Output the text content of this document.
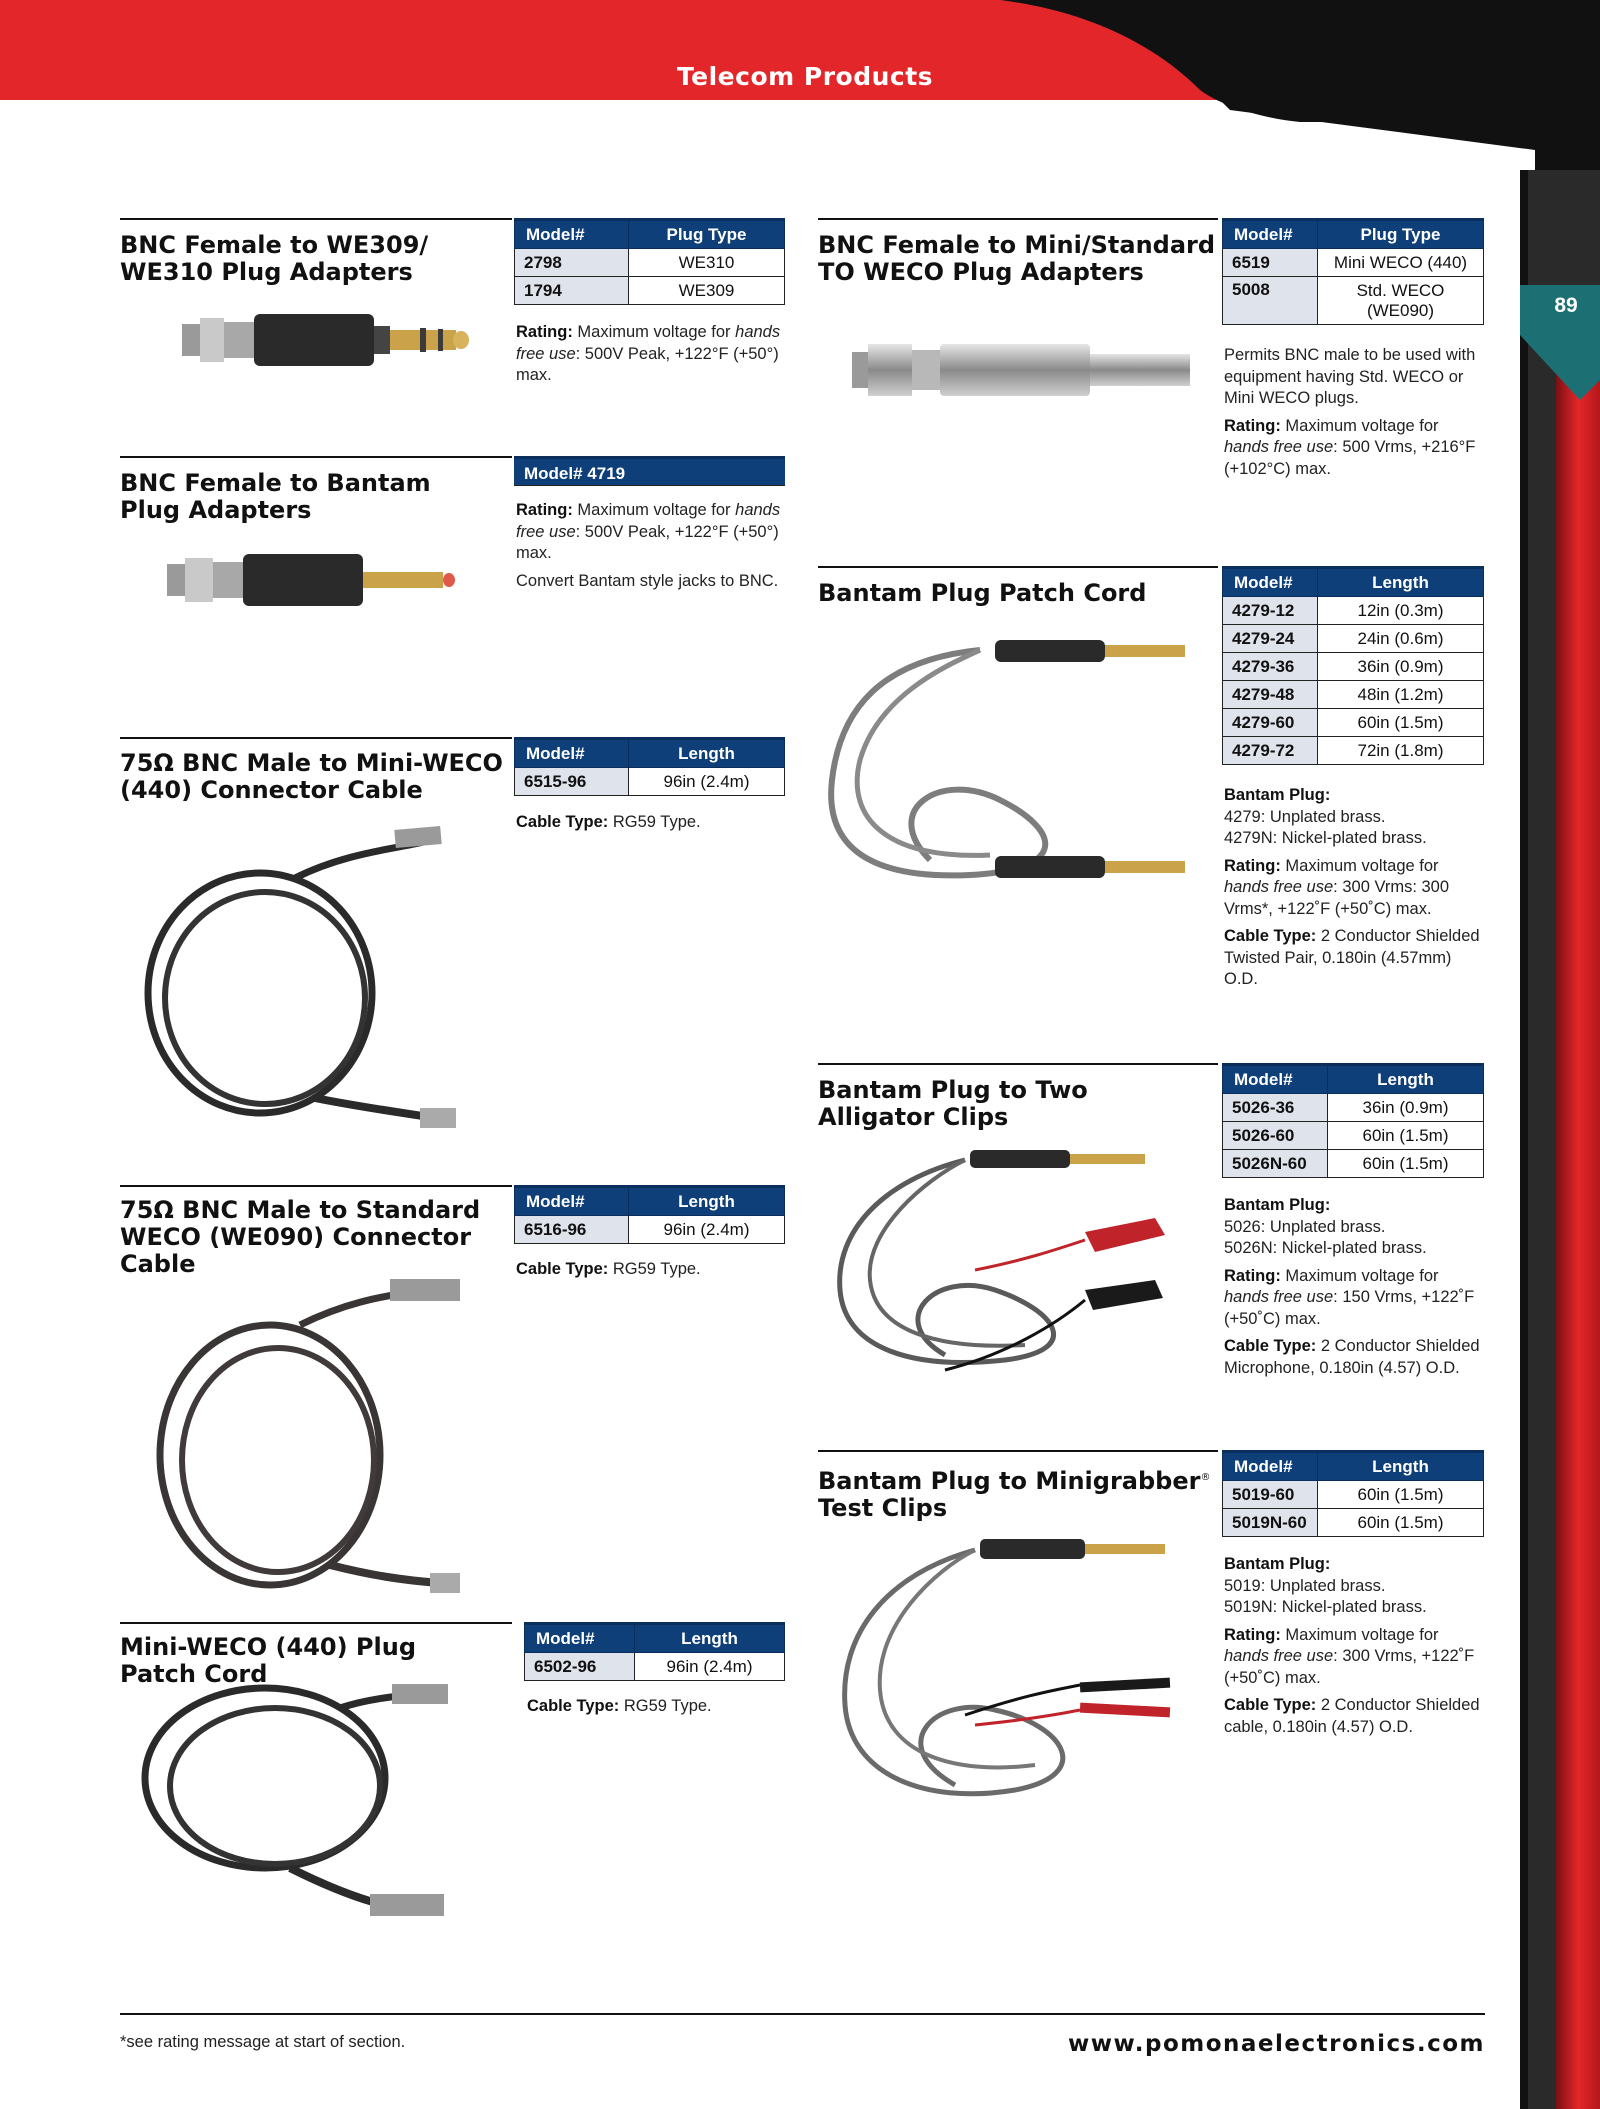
Telecom Products
89
BNC Female to WE309/
WE310 Plug Adapters
Model#	Plug Type
2798	WE310
1794	WE309

Rating: Maximum voltage for hands free use: 500V Peak, +122°F (+50°) max.

BNC Female to Bantam
Plug Adapters
Model# 4719

Rating: Maximum voltage for hands free use: 500V Peak, +122°F (+50°) max.

Convert Bantam style jacks to BNC.

75Ω BNC Male to Mini-WECO
(440) Connector Cable
Model#	Length
6515-96	96in (2.4m)

Cable Type: RG59 Type.

75Ω BNC Male to Standard
WECO (WE090) Connector
Cable
Model#	Length
6516-96	96in (2.4m)

Cable Type: RG59 Type.

Mini-WECO (440) Plug
Patch Cord
Model#	Length
6502-96	96in (2.4m)

Cable Type: RG59 Type.

BNC Female to Mini/Standard
TO WECO Plug Adapters
Model#	Plug Type
6519	Mini WECO (440)
5008	Std. WECO (WE090)

Permits BNC male to be used with equipment having Std. WECO or Mini WECO plugs.

Rating: Maximum voltage for hands free use: 500 Vrms, +216°F (+102°C) max.

Bantam Plug Patch Cord	Model#	Length
4279-12	12in (0.3m)
4279-24	24in (0.6m)
4279-36	36in (0.9m)
4279-48	48in (1.2m)
4279-60	60in (1.5m)
4279-72	72in (1.8m)

Bantam Plug:
4279: Unplated brass.
4279N: Nickel-plated brass.

Rating: Maximum voltage for hands free use: 300 Vrms: 300 Vrms*, +122˚F (+50˚C) max.

Cable Type: 2 Conductor Shielded Twisted Pair, 0.180in (4.57mm) O.D.

Bantam Plug to Two
Alligator Clips
Model#	Length
5026-36	36in (0.9m)
5026-60	60in (1.5m)
5026N-60	60in (1.5m)

Bantam Plug:
5026: Unplated brass.
5026N: Nickel-plated brass.

Rating: Maximum voltage for hands free use: 150 Vrms, +122˚F (+50˚C) max.

Cable Type: 2 Conductor Shielded Microphone, 0.180in (4.57) O.D.

Bantam Plug to Minigrabber®
Test Clips
Model#	Length
5019-60	60in (1.5m)
5019N-60	60in (1.5m)

Bantam Plug:
5019: Unplated brass.
5019N: Nickel-plated brass.

Rating: Maximum voltage for hands free use: 300 Vrms, +122˚F (+50˚C) max.

Cable Type: 2 Conductor Shielded cable, 0.180in (4.57) O.D.

*see rating message at start of section.	www.pomonaelectronics.com
